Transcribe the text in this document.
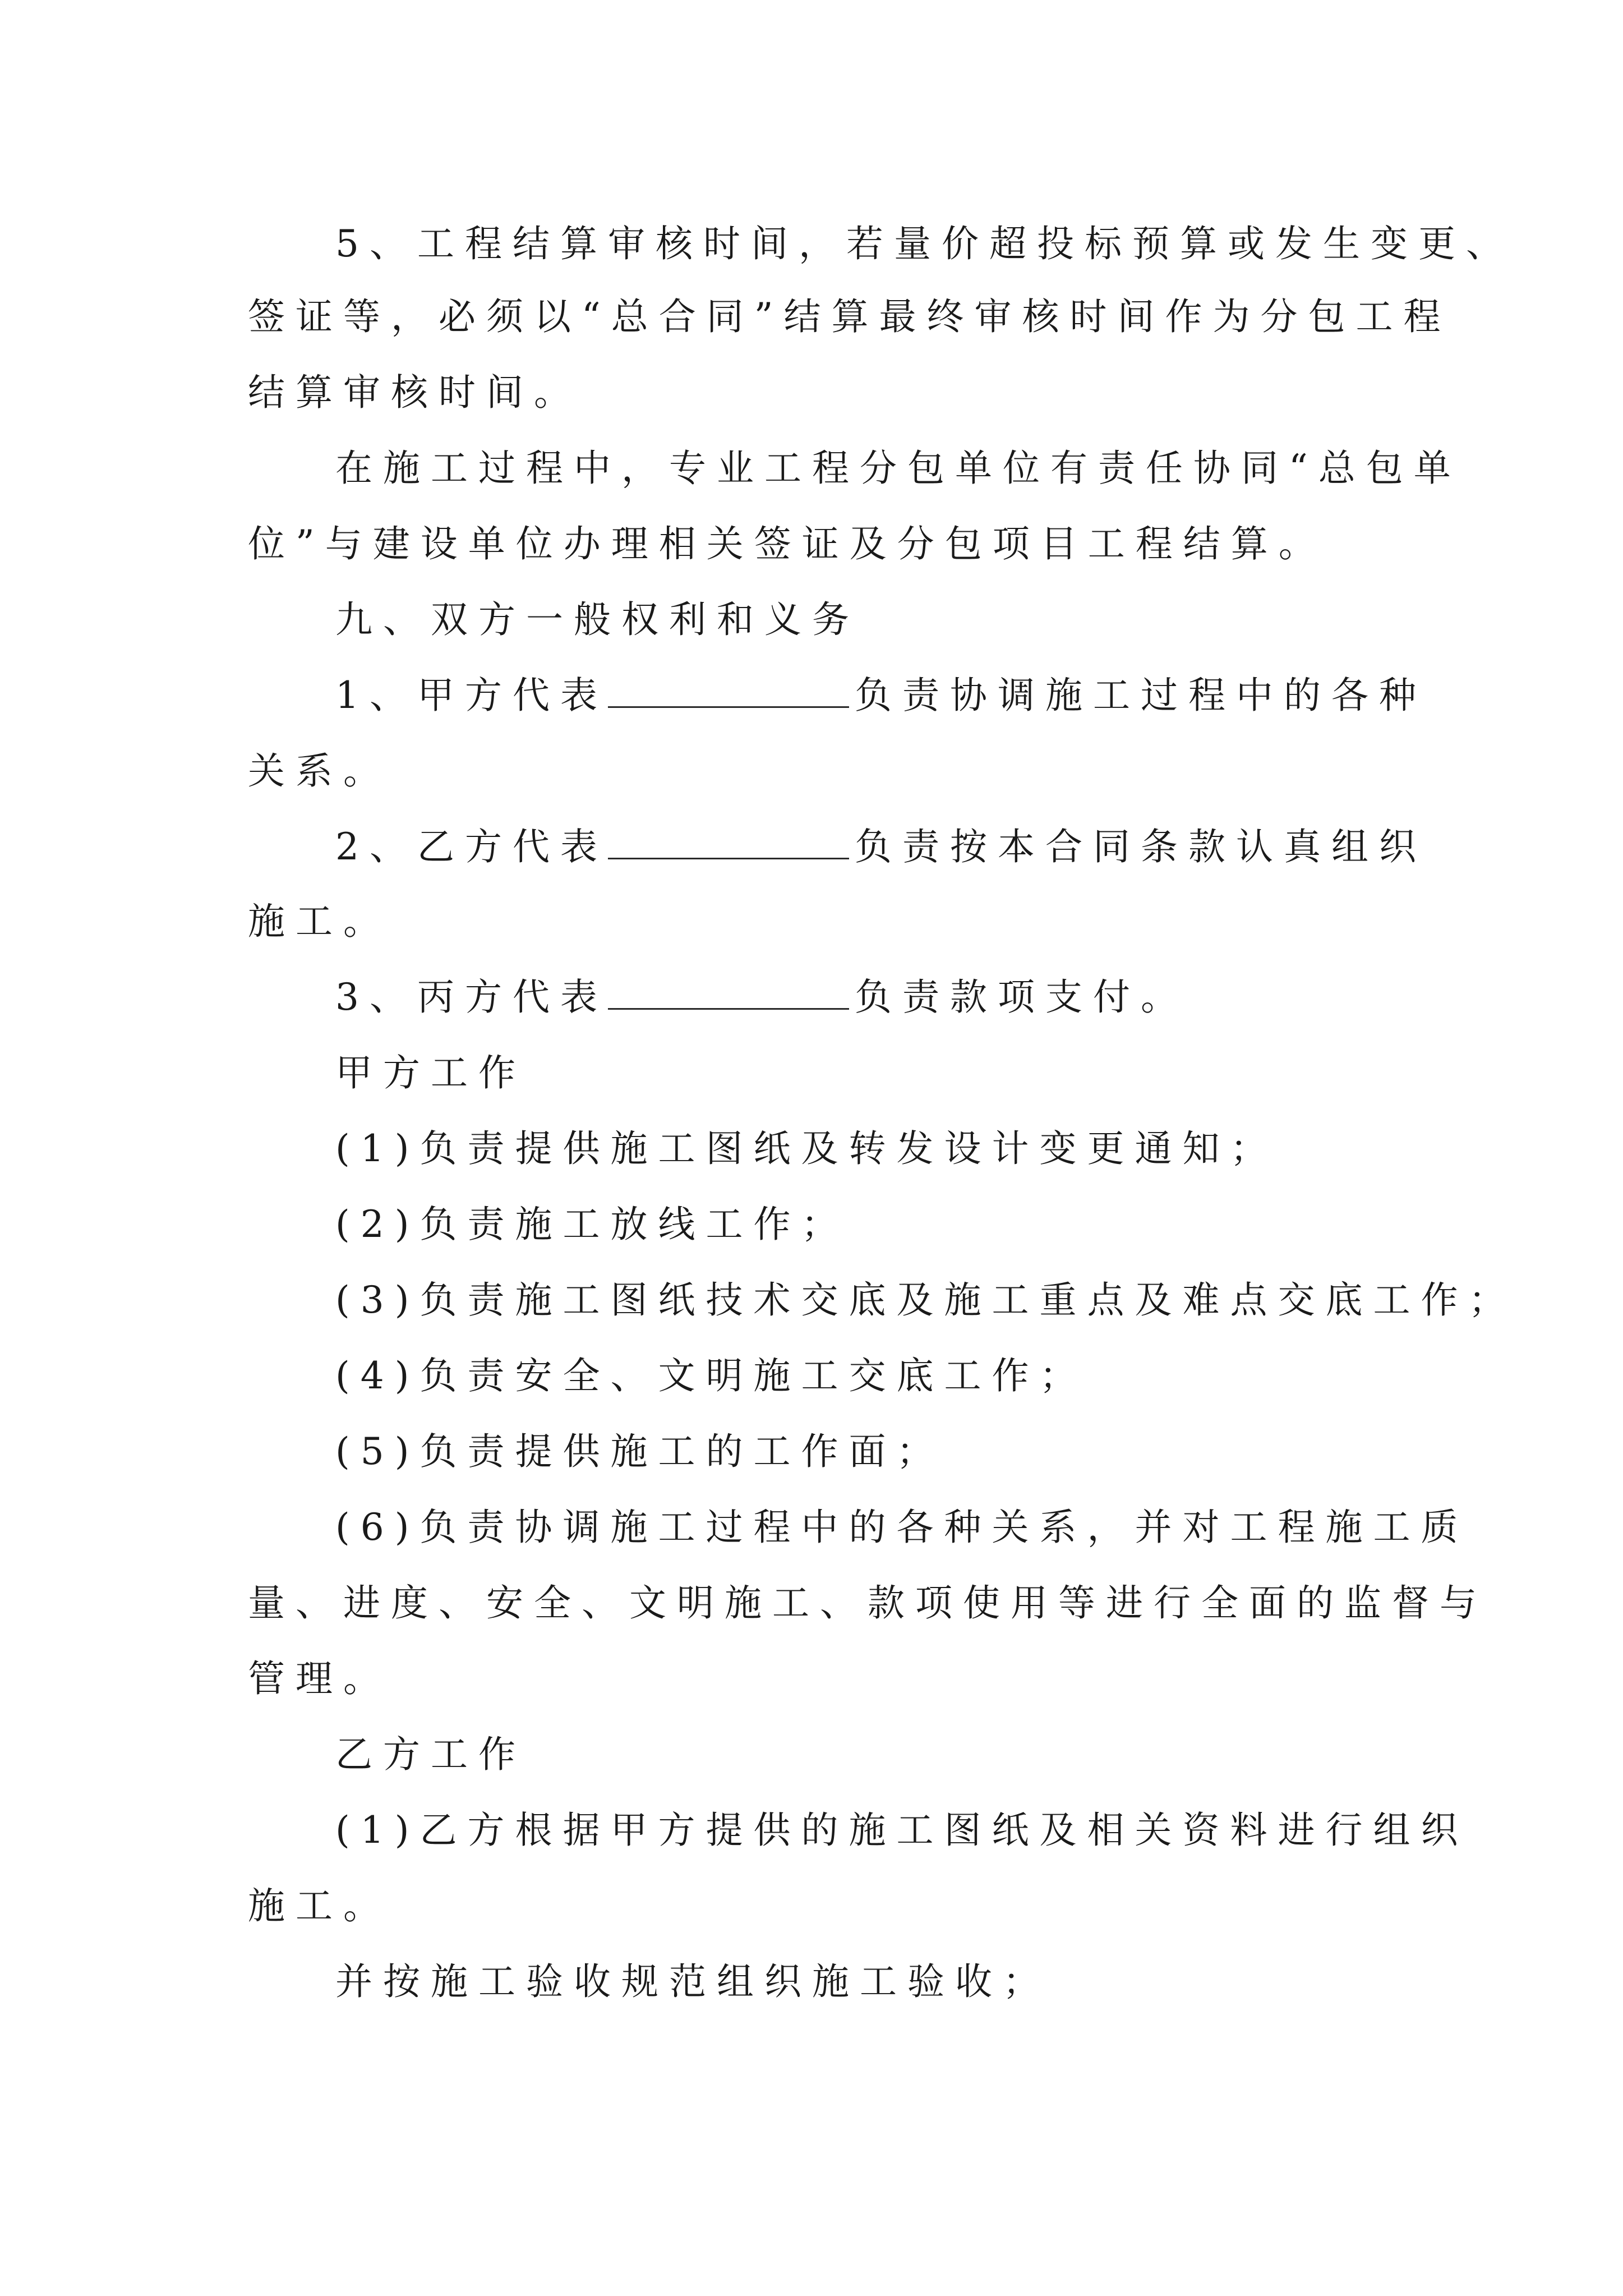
5、工程结算审核时间，若量价超投标预算或发生变更、
签证等，必须以“总合同”结算最终审核时间作为分包工程
结算审核时间。
在施工过程中，专业工程分包单位有责任协同“总包单
位”与建设单位办理相关签证及分包项目工程结算。
九、双方一般权利和义务
1、甲方代表	负责协调施工过程中的各种
关系。
2、乙方代表	负责按本合同条款认真组织
施工。
3、丙方代表	负责款项支付。
甲方工作
(1)负责提供施工图纸及转发设计变更通知；
(2)负责施工放线工作；
(3)负责施工图纸技术交底及施工重点及难点交底工作；
(4)负责安全、文明施工交底工作；
(5)负责提供施工的工作面；
(6)负责协调施工过程中的各种关系，并对工程施工质
量、进度、安全、文明施工、款项使用等进行全面的监督与
管理。
乙方工作
(1)乙方根据甲方提供的施工图纸及相关资料进行组织
施工。
并按施工验收规范组织施工验收；
